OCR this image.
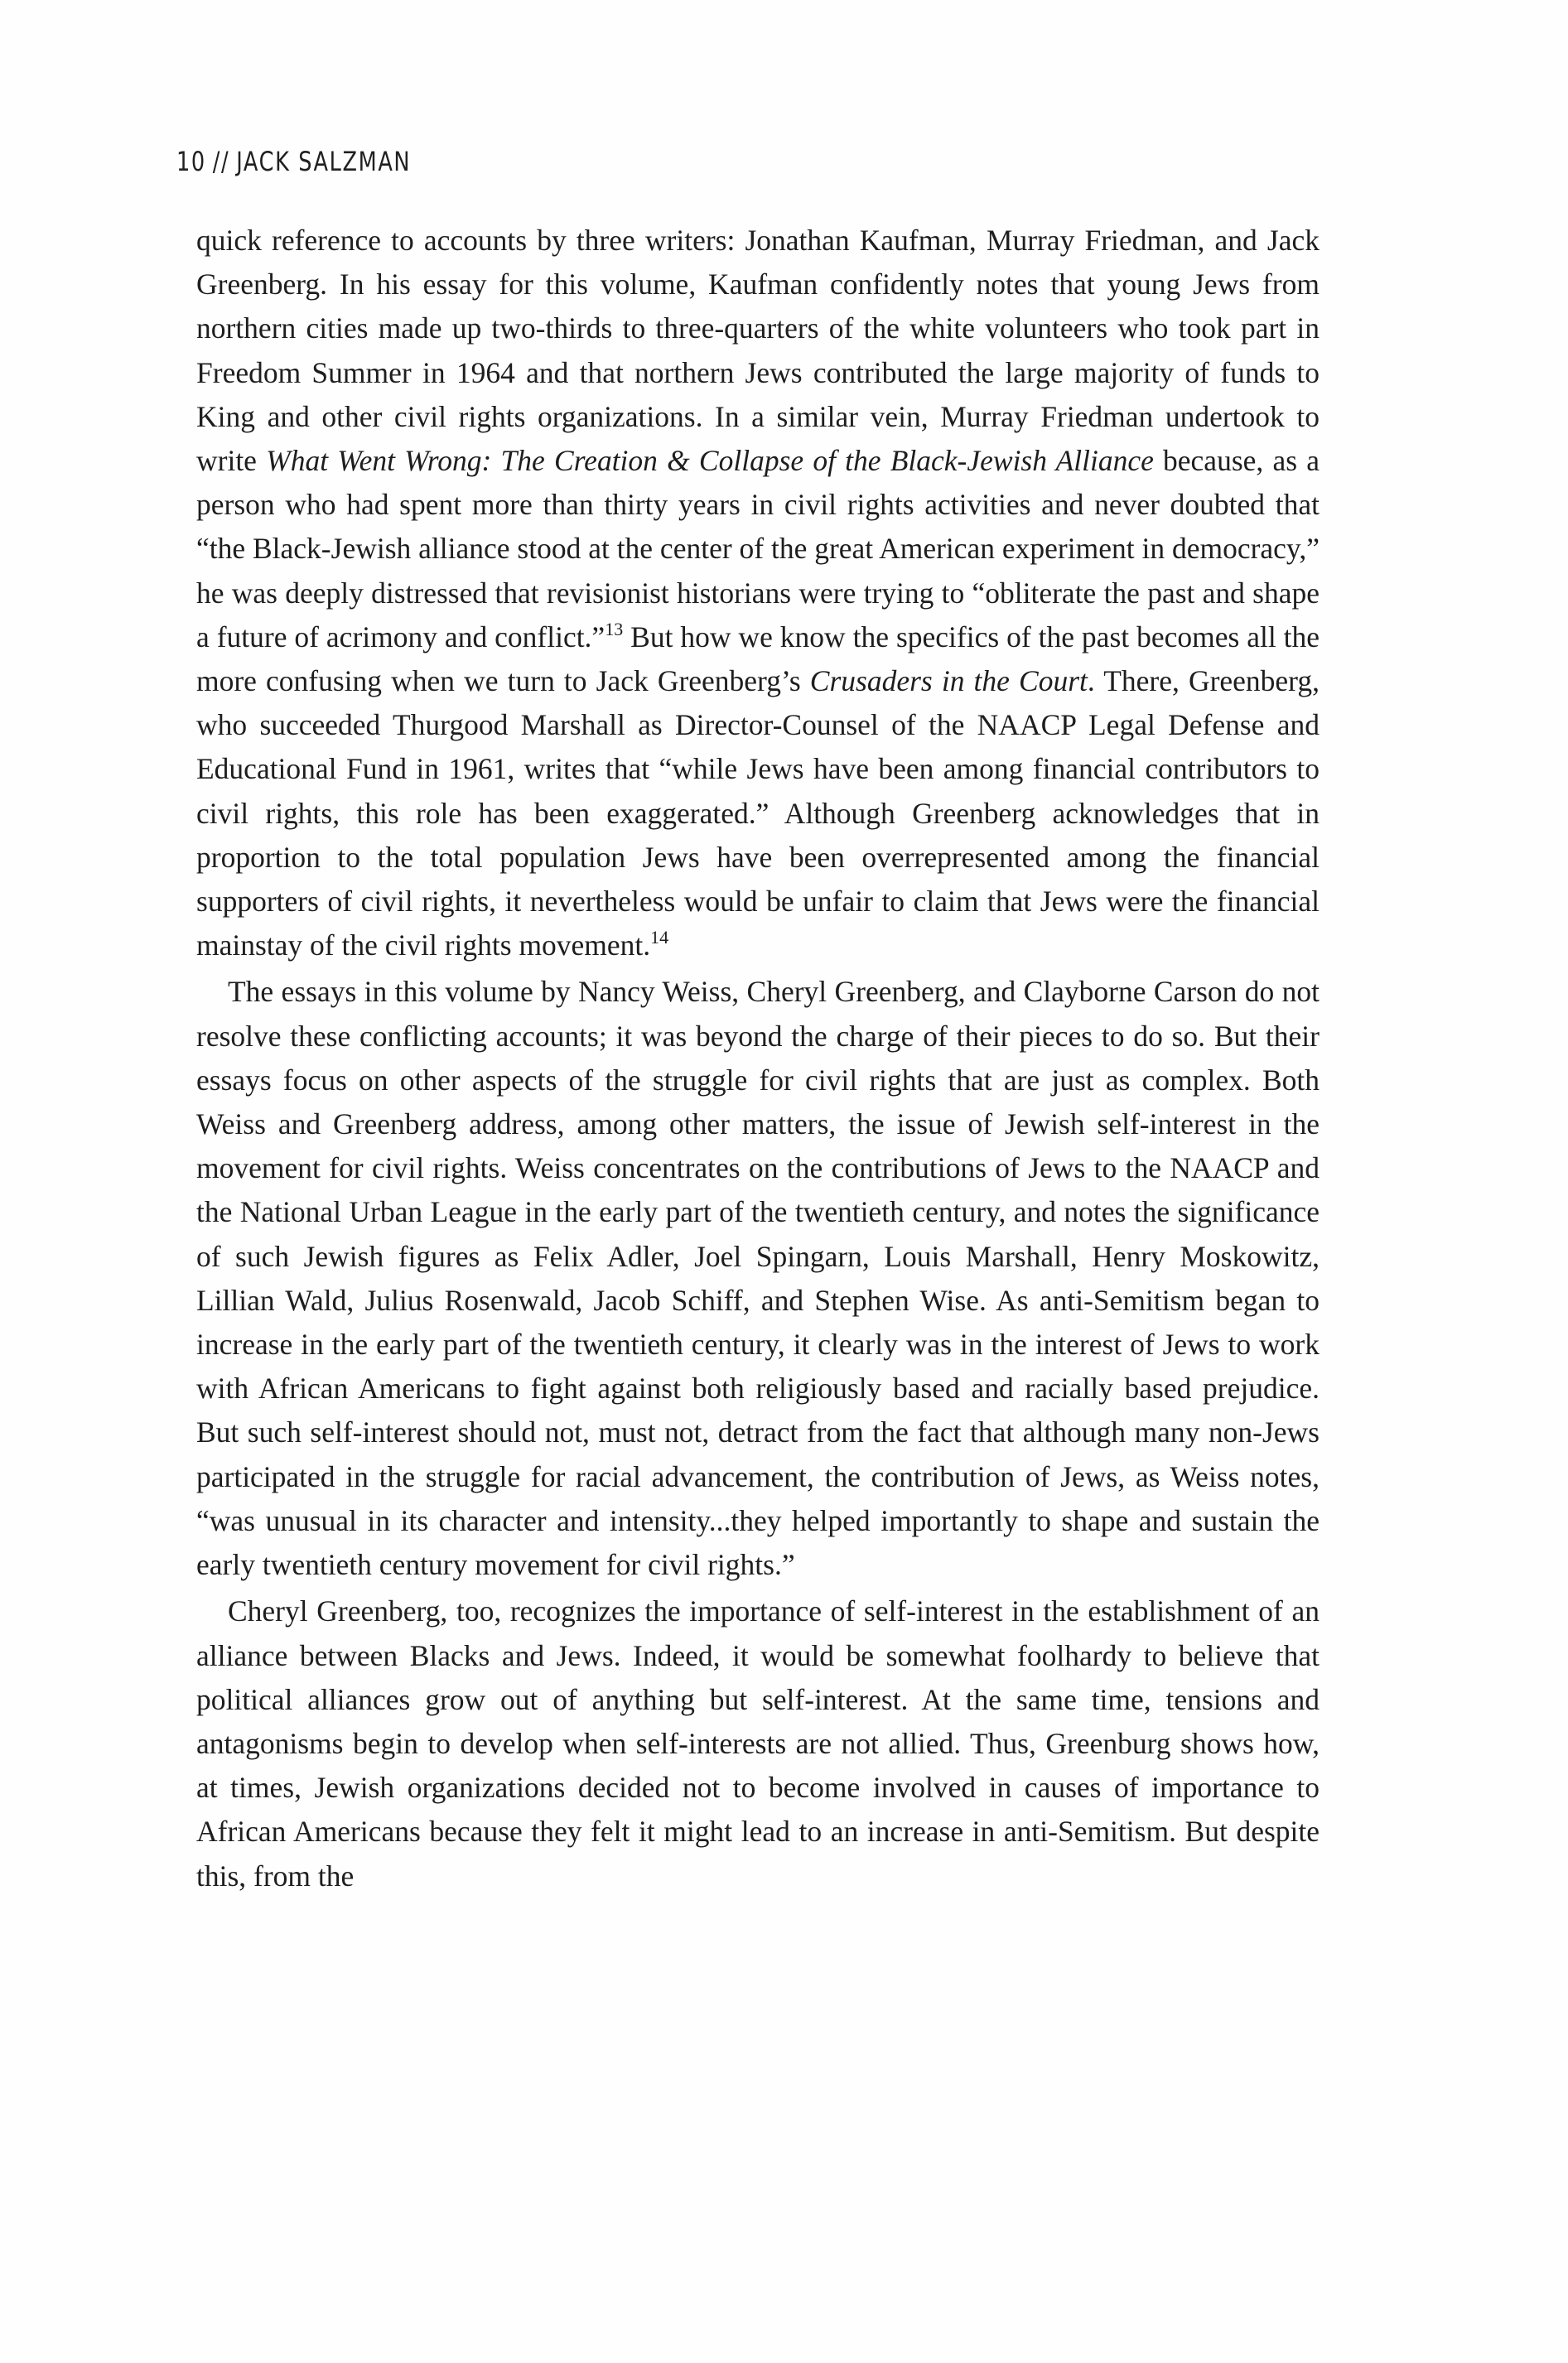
10 // JACK SALZMAN

quick reference to accounts by three writers: Jonathan Kaufman, Murray Friedman, and Jack Greenberg. In his essay for this volume, Kaufman confidently notes that young Jews from northern cities made up two-thirds to three-quarters of the white volunteers who took part in Freedom Summer in 1964 and that northern Jews contributed the large majority of funds to King and other civil rights organizations. In a similar vein, Murray Friedman undertook to write What Went Wrong: The Creation & Collapse of the Black-Jewish Alliance because, as a person who had spent more than thirty years in civil rights activities and never doubted that “the Black-Jewish alliance stood at the center of the great American experiment in democracy,” he was deeply distressed that revisionist historians were trying to “obliterate the past and shape a future of acrimony and conflict.”$^{13}$ But how we know the specifics of the past becomes all the more confusing when we turn to Jack Greenberg’s Crusaders in the Court. There, Greenberg, who succeeded Thurgood Marshall as Director-Counsel of the NAACP Legal Defense and Educational Fund in 1961, writes that “while Jews have been among financial contributors to civil rights, this role has been exaggerated.” Although Greenberg acknowledges that in proportion to the total population Jews have been overrepresented among the financial supporters of civil rights, it nevertheless would be unfair to claim that Jews were the financial mainstay of the civil rights movement.$^{14}$

The essays in this volume by Nancy Weiss, Cheryl Greenberg, and Clayborne Carson do not resolve these conflicting accounts; it was beyond the charge of their pieces to do so. But their essays focus on other aspects of the struggle for civil rights that are just as complex. Both Weiss and Greenberg address, among other matters, the issue of Jewish self-interest in the movement for civil rights. Weiss concentrates on the contributions of Jews to the NAACP and the National Urban League in the early part of the twentieth century, and notes the significance of such Jewish figures as Felix Adler, Joel Spingarn, Louis Marshall, Henry Moskowitz, Lillian Wald, Julius Rosenwald, Jacob Schiff, and Stephen Wise. As anti-Semitism began to increase in the early part of the twentieth century, it clearly was in the interest of Jews to work with African Americans to fight against both religiously based and racially based prejudice. But such self-interest should not, must not, detract from the fact that although many non-Jews participated in the struggle for racial advancement, the contribution of Jews, as Weiss notes, “was unusual in its character and intensity...they helped importantly to shape and sustain the early twentieth century movement for civil rights.”

Cheryl Greenberg, too, recognizes the importance of self-interest in the establishment of an alliance between Blacks and Jews. Indeed, it would be somewhat foolhardy to believe that political alliances grow out of anything but self-interest. At the same time, tensions and antagonisms begin to develop when self-interests are not allied. Thus, Greenburg shows how, at times, Jewish organizations decided not to become involved in causes of importance to African Americans because they felt it might lead to an increase in anti-Semitism. But despite this, from the
